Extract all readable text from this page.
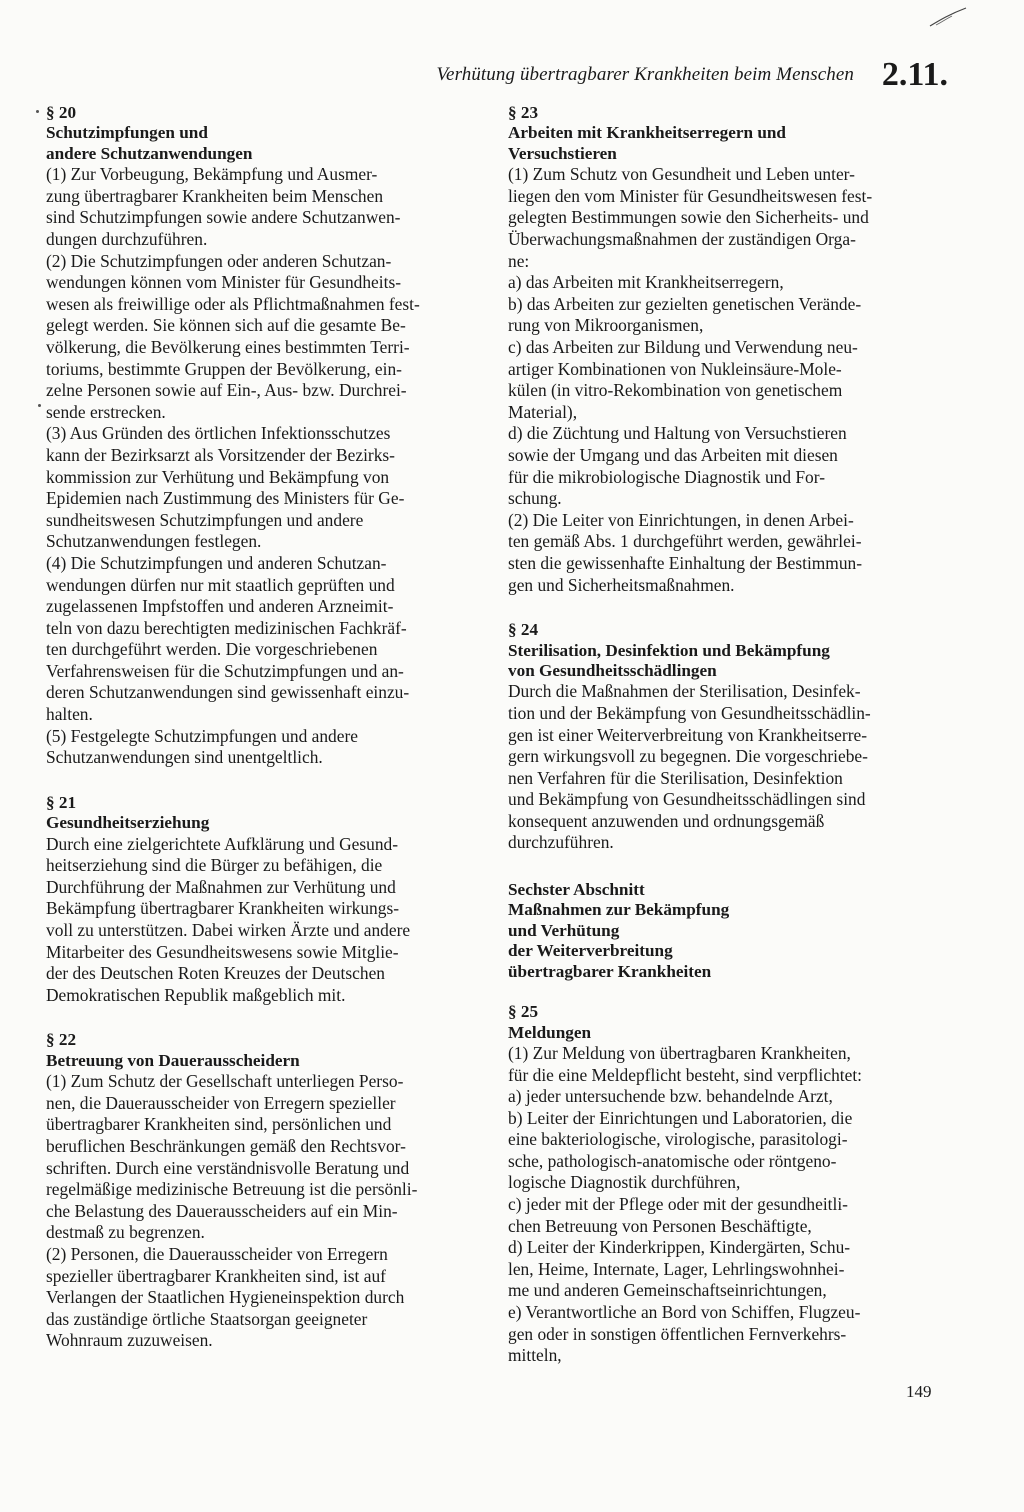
Verhütung übertragbarer Krankheiten beim Menschen 2.11.
§ 20
Schutzimpfungen und
andere Schutzanwendungen
(1) Zur Vorbeugung, Bekämpfung und Ausmer-
zung übertragbarer Krankheiten beim Menschen
sind Schutzimpfungen sowie andere Schutzanwen-
dungen durchzuführen.
(2) Die Schutzimpfungen oder anderen Schutzan-
wendungen können vom Minister für Gesundheits-
wesen als freiwillige oder als Pflichtmaßnahmen fest-
gelegt werden. Sie können sich auf die gesamte Be-
völkerung, die Bevölkerung eines bestimmten Terri-
toriums, bestimmte Gruppen der Bevölkerung, ein-
zelne Personen sowie auf Ein-, Aus- bzw. Durchrei-
sende erstrecken.
(3) Aus Gründen des örtlichen Infektionsschutzes
kann der Bezirksarzt als Vorsitzender der Bezirks-
kommission zur Verhütung und Bekämpfung von
Epidemien nach Zustimmung des Ministers für Ge-
sundheitswesen Schutzimpfungen und andere
Schutzanwendungen festlegen.
(4) Die Schutzimpfungen und anderen Schutzan-
wendungen dürfen nur mit staatlich geprüften und
zugelassenen Impfstoffen und anderen Arzneimit-
teln von dazu berechtigten medizinischen Fachkräf-
ten durchgeführt werden. Die vorgeschriebenen
Verfahrensweisen für die Schutzimpfungen und an-
deren Schutzanwendungen sind gewissenhaft einzu-
halten.
(5) Festgelegte Schutzimpfungen und andere
Schutzanwendungen sind unentgeltlich.
§ 21
Gesundheitserziehung
Durch eine zielgerichtete Aufklärung und Gesund-
heitserziehung sind die Bürger zu befähigen, die
Durchführung der Maßnahmen zur Verhütung und
Bekämpfung übertragbarer Krankheiten wirkungs-
voll zu unterstützen. Dabei wirken Ärzte und andere
Mitarbeiter des Gesundheitswesens sowie Mitglie-
der des Deutschen Roten Kreuzes der Deutschen
Demokratischen Republik maßgeblich mit.
§ 22
Betreuung von Dauerausscheidern
(1) Zum Schutz der Gesellschaft unterliegen Perso-
nen, die Dauerausscheider von Erregern spezieller
übertragbarer Krankheiten sind, persönlichen und
beruflichen Beschränkungen gemäß den Rechtsvor-
schriften. Durch eine verständnisvolle Beratung und
regelmäßige medizinische Betreuung ist die persönli-
che Belastung des Dauerausscheiders auf ein Min-
destmaß zu begrenzen.
(2) Personen, die Dauerausscheider von Erregern
spezieller übertragbarer Krankheiten sind, ist auf
Verlangen der Staatlichen Hygieneinspektion durch
das zuständige örtliche Staatsorgan geeigneter
Wohnraum zuzuweisen.
§ 23
Arbeiten mit Krankheitserregern und
Versuchstieren
(1) Zum Schutz von Gesundheit und Leben unter-
liegen den vom Minister für Gesundheitswesen fest-
gelegten Bestimmungen sowie den Sicherheits- und
Überwachungsmaßnahmen der zuständigen Orga-
ne:
a) das Arbeiten mit Krankheitserregern,
b) das Arbeiten zur gezielten genetischen Verände-
rung von Mikroorganismen,
c) das Arbeiten zur Bildung und Verwendung neu-
artiger Kombinationen von Nukleinsäure-Mole-
külen (in vitro-Rekombination von genetischem
Material),
d) die Züchtung und Haltung von Versuchstieren
sowie der Umgang und das Arbeiten mit diesen
für die mikrobiologische Diagnostik und For-
schung.
(2) Die Leiter von Einrichtungen, in denen Arbei-
ten gemäß Abs. 1 durchgeführt werden, gewährlei-
sten die gewissenhafte Einhaltung der Bestimmun-
gen und Sicherheitsmaßnahmen.
§ 24
Sterilisation, Desinfektion und Bekämpfung
von Gesundheitsschädlingen
Durch die Maßnahmen der Sterilisation, Desinfek-
tion und der Bekämpfung von Gesundheitsschädlin-
gen ist einer Weiterverbreitung von Krankheitserre-
gern wirkungsvoll zu begegnen. Die vorgeschriebe-
nen Verfahren für die Sterilisation, Desinfektion
und Bekämpfung von Gesundheitsschädlingen sind
konsequent anzuwenden und ordnungsgemäß
durchzuführen.
Sechster Abschnitt
Maßnahmen zur Bekämpfung
und Verhütung
der Weiterverbreitung
übertragbarer Krankheiten
§ 25
Meldungen
(1) Zur Meldung von übertragbaren Krankheiten,
für die eine Meldepflicht besteht, sind verpflichtet:
a) jeder untersuchende bzw. behandelnde Arzt,
b) Leiter der Einrichtungen und Laboratorien, die
eine bakteriologische, virologische, parasitologi-
sche, pathologisch-anatomische oder röntgeno-
logische Diagnostik durchführen,
c) jeder mit der Pflege oder mit der gesundheitli-
chen Betreuung von Personen Beschäftigte,
d) Leiter der Kinderkrippen, Kindergärten, Schu-
len, Heime, Internate, Lager, Lehrlingswohnhei-
me und anderen Gemeinschaftseinrichtungen,
e) Verantwortliche an Bord von Schiffen, Flugzeu-
gen oder in sonstigen öffentlichen Fernverkehrs-
mitteln,
149
